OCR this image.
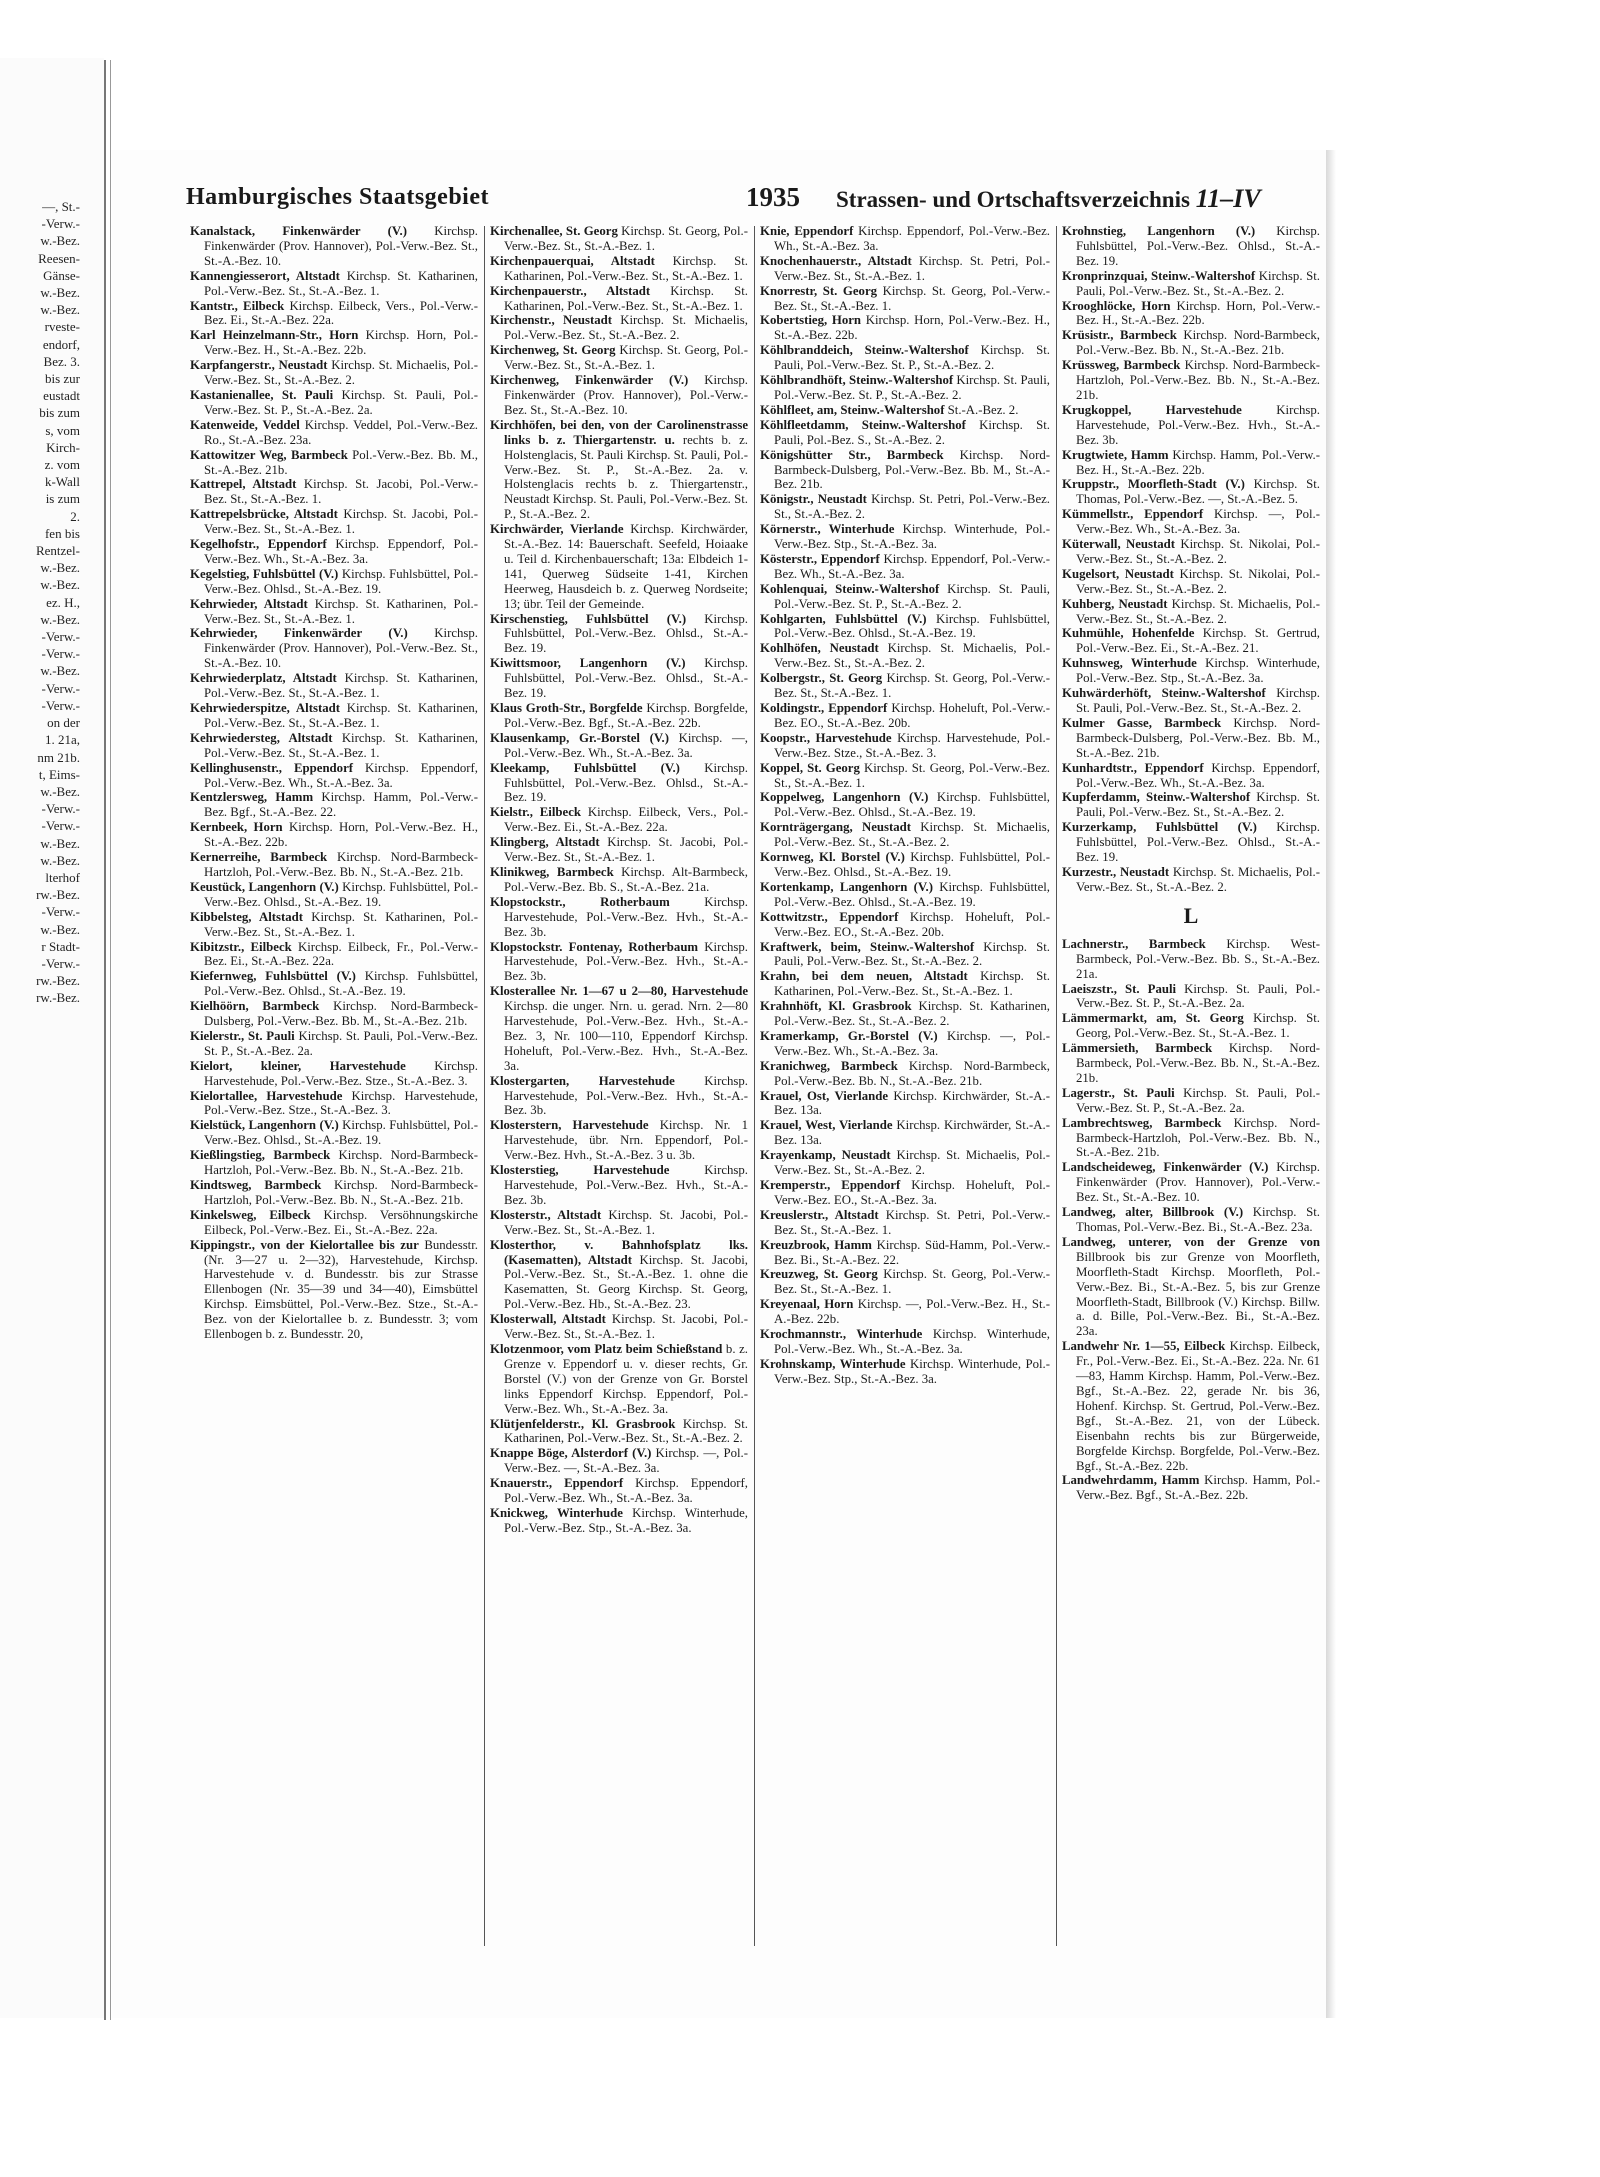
—, St.-
-Verw.-
w.-Bez.
Reesen-
Gänse-
w.-Bez.
w.-Bez.
rveste-
endorf,
Bez. 3.
bis zur
eustadt
bis zum
s, vom
Kirch-
z. vom
k-Wall
is zum
2.
fen bis
Rentzel-
w.-Bez.
w.-Bez.
ez. H.,
w.-Bez.
-Verw.-
-Verw.-
w.-Bez.
-Verw.-
-Verw.-
on der
1. 21a,
nm 21b.
t, Eims-
w.-Bez.
-Verw.-
-Verw.-
w.-Bez.
w.-Bez.
lterhof
rw.-Bez.
-Verw.-
w.-Bez.
r Stadt-
-Verw.-
rw.-Bez.
rw.-Bez.
Hamburgisches Staatsgebiet	1935 Strassen- und Ortschaftsverzeichnis 11–IV

Kanalstack, Finkenwärder (V.) Kirchsp. Finkenwärder (Prov. Hannover), Pol.-Verw.-Bez. St., St.-A.-Bez. 10.

Kannengiesserort, Altstadt Kirchsp. St. Katharinen, Pol.-Verw.-Bez. St., St.-A.-Bez. 1.

Kantstr., Eilbeck Kirchsp. Eilbeck, Vers., Pol.-Verw.-Bez. Ei., St.-A.-Bez. 22a.

Karl Heinzelmann-Str., Horn Kirchsp. Horn, Pol.-Verw.-Bez. H., St.-A.-Bez. 22b.

Karpfangerstr., Neustadt Kirchsp. St. Michaelis, Pol.-Verw.-Bez. St., St.-A.-Bez. 2.

Kastanienallee, St. Pauli Kirchsp. St. Pauli, Pol.-Verw.-Bez. St. P., St.-A.-Bez. 2a.

Katenweide, Veddel Kirchsp. Veddel, Pol.-Verw.-Bez. Ro., St.-A.-Bez. 23a.

Kattowitzer Weg, Barmbeck Pol.-Verw.-Bez. Bb. M., St.-A.-Bez. 21b.

Kattrepel, Altstadt Kirchsp. St. Jacobi, Pol.-Verw.-Bez. St., St.-A.-Bez. 1.

Kattrepelsbrücke, Altstadt Kirchsp. St. Jacobi, Pol.-Verw.-Bez. St., St.-A.-Bez. 1.

Kegelhofstr., Eppendorf Kirchsp. Eppendorf, Pol.-Verw.-Bez. Wh., St.-A.-Bez. 3a.

Kegelstieg, Fuhlsbüttel (V.) Kirchsp. Fuhlsbüttel, Pol.-Verw.-Bez. Ohlsd., St.-A.-Bez. 19.

Kehrwieder, Altstadt Kirchsp. St. Katharinen, Pol.-Verw.-Bez. St., St.-A.-Bez. 1.

Kehrwieder, Finkenwärder (V.) Kirchsp. Finkenwärder (Prov. Hannover), Pol.-Verw.-Bez. St., St.-A.-Bez. 10.

Kehrwiederplatz, Altstadt Kirchsp. St. Katharinen, Pol.-Verw.-Bez. St., St.-A.-Bez. 1.

Kehrwiederspitze, Altstadt Kirchsp. St. Katharinen, Pol.-Verw.-Bez. St., St.-A.-Bez. 1.

Kehrwiedersteg, Altstadt Kirchsp. St. Katharinen, Pol.-Verw.-Bez. St., St.-A.-Bez. 1.

Kellinghusenstr., Eppendorf Kirchsp. Eppendorf, Pol.-Verw.-Bez. Wh., St.-A.-Bez. 3a.

Kentzlersweg, Hamm Kirchsp. Hamm, Pol.-Verw.-Bez. Bgf., St.-A.-Bez. 22.

Kernbeek, Horn Kirchsp. Horn, Pol.-Verw.-Bez. H., St.-A.-Bez. 22b.

Kernerreihe, Barmbeck Kirchsp. Nord-Barmbeck-Hartzloh, Pol.-Verw.-Bez. Bb. N., St.-A.-Bez. 21b.

Keustück, Langenhorn (V.) Kirchsp. Fuhlsbüttel, Pol.-Verw.-Bez. Ohlsd., St.-A.-Bez. 19.

Kibbelsteg, Altstadt Kirchsp. St. Katharinen, Pol.-Verw.-Bez. St., St.-A.-Bez. 1.

Kibitzstr., Eilbeck Kirchsp. Eilbeck, Fr., Pol.-Verw.-Bez. Ei., St.-A.-Bez. 22a.

Kiefernweg, Fuhlsbüttel (V.) Kirchsp. Fuhlsbüttel, Pol.-Verw.-Bez. Ohlsd., St.-A.-Bez. 19.

Kielhöörn, Barmbeck Kirchsp. Nord-Barmbeck-Dulsberg, Pol.-Verw.-Bez. Bb. M., St.-A.-Bez. 21b.

Kielerstr., St. Pauli Kirchsp. St. Pauli, Pol.-Verw.-Bez. St. P., St.-A.-Bez. 2a.

Kielort, kleiner, Harvestehude Kirchsp. Harvestehude, Pol.-Verw.-Bez. Stze., St.-A.-Bez. 3.

Kielortallee, Harvestehude Kirchsp. Harvestehude, Pol.-Verw.-Bez. Stze., St.-A.-Bez. 3.

Kielstück, Langenhorn (V.) Kirchsp. Fuhlsbüttel, Pol.-Verw.-Bez. Ohlsd., St.-A.-Bez. 19.

Kießlingstieg, Barmbeck Kirchsp. Nord-Barmbeck-Hartzloh, Pol.-Verw.-Bez. Bb. N., St.-A.-Bez. 21b.

Kindtsweg, Barmbeck Kirchsp. Nord-Barmbeck-Hartzloh, Pol.-Verw.-Bez. Bb. N., St.-A.-Bez. 21b.

Kinkelsweg, Eilbeck Kirchsp. Versöhnungskirche Eilbeck, Pol.-Verw.-Bez. Ei., St.-A.-Bez. 22a.

Kippingstr., von der Kielortallee bis zur Bundesstr. (Nr. 3—27 u. 2—32), Harvestehude, Kirchsp. Harvestehude v. d. Bundesstr. bis zur Strasse Ellenbogen (Nr. 35—39 und 34—40), Eimsbüttel Kirchsp. Eimsbüttel, Pol.-Verw.-Bez. Stze., St.-A.-Bez. von der Kielortallee b. z. Bundesstr. 3; vom Ellenbogen b. z. Bundesstr. 20,

Kirchenallee, St. Georg Kirchsp. St. Georg, Pol.-Verw.-Bez. St., St.-A.-Bez. 1.

Kirchenpauerquai, Altstadt Kirchsp. St. Katharinen, Pol.-Verw.-Bez. St., St.-A.-Bez. 1.

Kirchenpauerstr., Altstadt Kirchsp. St. Katharinen, Pol.-Verw.-Bez. St., St.-A.-Bez. 1.

Kirchenstr., Neustadt Kirchsp. St. Michaelis, Pol.-Verw.-Bez. St., St.-A.-Bez. 2.

Kirchenweg, St. Georg Kirchsp. St. Georg, Pol.-Verw.-Bez. St., St.-A.-Bez. 1.

Kirchenweg, Finkenwärder (V.) Kirchsp. Finkenwärder (Prov. Hannover), Pol.-Verw.-Bez. St., St.-A.-Bez. 10.

Kirchhöfen, bei den, von der Carolinenstrasse links b. z. Thiergartenstr. u. rechts b. z. Holstenglacis, St. Pauli Kirchsp. St. Pauli, Pol.-Verw.-Bez. St. P., St.-A.-Bez. 2a. v. Holstenglacis rechts b. z. Thiergartenstr., Neustadt Kirchsp. St. Pauli, Pol.-Verw.-Bez. St. P., St.-A.-Bez. 2.

Kirchwärder, Vierlande Kirchsp. Kirchwärder, St.-A.-Bez. 14: Bauerschaft. Seefeld, Hoiaake u. Teil d. Kirchenbauerschaft; 13a: Elbdeich 1-141, Querweg Südseite 1-41, Kirchen Heerweg, Hausdeich b. z. Querweg Nordseite; 13; übr. Teil der Gemeinde.

Kirschenstieg, Fuhlsbüttel (V.) Kirchsp. Fuhlsbüttel, Pol.-Verw.-Bez. Ohlsd., St.-A.-Bez. 19.

Kiwittsmoor, Langenhorn (V.) Kirchsp. Fuhlsbüttel, Pol.-Verw.-Bez. Ohlsd., St.-A.-Bez. 19.

Klaus Groth-Str., Borgfelde Kirchsp. Borgfelde, Pol.-Verw.-Bez. Bgf., St.-A.-Bez. 22b.

Klausenkamp, Gr.-Borstel (V.) Kirchsp. —, Pol.-Verw.-Bez. Wh., St.-A.-Bez. 3a.

Kleekamp, Fuhlsbüttel (V.) Kirchsp. Fuhlsbüttel, Pol.-Verw.-Bez. Ohlsd., St.-A.-Bez. 19.

Kielstr., Eilbeck Kirchsp. Eilbeck, Vers., Pol.-Verw.-Bez. Ei., St.-A.-Bez. 22a.

Klingberg, Altstadt Kirchsp. St. Jacobi, Pol.-Verw.-Bez. St., St.-A.-Bez. 1.

Klinikweg, Barmbeck Kirchsp. Alt-Barmbeck, Pol.-Verw.-Bez. Bb. S., St.-A.-Bez. 21a.

Klopstockstr., Rotherbaum Kirchsp. Harvestehude, Pol.-Verw.-Bez. Hvh., St.-A.-Bez. 3b.

Klopstockstr. Fontenay, Rotherbaum Kirchsp. Harvestehude, Pol.-Verw.-Bez. Hvh., St.-A.-Bez. 3b.

Klosterallee Nr. 1—67 u 2—80, Harvestehude Kirchsp. die unger. Nrn. u. gerad. Nrn. 2—80 Harvestehude, Pol.-Verw.-Bez. Hvh., St.-A.-Bez. 3, Nr. 100—110, Eppendorf Kirchsp. Hoheluft, Pol.-Verw.-Bez. Hvh., St.-A.-Bez. 3a.

Klostergarten, Harvestehude Kirchsp. Harvestehude, Pol.-Verw.-Bez. Hvh., St.-A.-Bez. 3b.

Klosterstern, Harvestehude Kirchsp. Nr. 1 Harvestehude, übr. Nrn. Eppendorf, Pol.-Verw.-Bez. Hvh., St.-A.-Bez. 3 u. 3b.

Klosterstieg, Harvestehude Kirchsp. Harvestehude, Pol.-Verw.-Bez. Hvh., St.-A.-Bez. 3b.

Klosterstr., Altstadt Kirchsp. St. Jacobi, Pol.-Verw.-Bez. St., St.-A.-Bez. 1.

Klosterthor, v. Bahnhofsplatz lks. (Kasematten), Altstadt Kirchsp. St. Jacobi, Pol.-Verw.-Bez. St., St.-A.-Bez. 1. ohne die Kasematten, St. Georg Kirchsp. St. Georg, Pol.-Verw.-Bez. Hb., St.-A.-Bez. 23.

Klosterwall, Altstadt Kirchsp. St. Jacobi, Pol.-Verw.-Bez. St., St.-A.-Bez. 1.

Klotzenmoor, vom Platz beim Schießstand b. z. Grenze v. Eppendorf u. v. dieser rechts, Gr. Borstel (V.) von der Grenze von Gr. Borstel links Eppendorf Kirchsp. Eppendorf, Pol.-Verw.-Bez. Wh., St.-A.-Bez. 3a.

Klütjenfelderstr., Kl. Grasbrook Kirchsp. St. Katharinen, Pol.-Verw.-Bez. St., St.-A.-Bez. 2.

Knappe Böge, Alsterdorf (V.) Kirchsp. —, Pol.-Verw.-Bez. —, St.-A.-Bez. 3a.

Knauerstr., Eppendorf Kirchsp. Eppendorf, Pol.-Verw.-Bez. Wh., St.-A.-Bez. 3a.

Knickweg, Winterhude Kirchsp. Winterhude, Pol.-Verw.-Bez. Stp., St.-A.-Bez. 3a.

Knie, Eppendorf Kirchsp. Eppendorf, Pol.-Verw.-Bez. Wh., St.-A.-Bez. 3a.

Knochenhauerstr., Altstadt Kirchsp. St. Petri, Pol.-Verw.-Bez. St., St.-A.-Bez. 1.

Knorrestr, St. Georg Kirchsp. St. Georg, Pol.-Verw.-Bez. St., St.-A.-Bez. 1.

Kobertstieg, Horn Kirchsp. Horn, Pol.-Verw.-Bez. H., St.-A.-Bez. 22b.

Köhlbranddeich, Steinw.-Waltershof Kirchsp. St. Pauli, Pol.-Verw.-Bez. St. P., St.-A.-Bez. 2.

Köhlbrandhöft, Steinw.-Waltershof Kirchsp. St. Pauli, Pol.-Verw.-Bez. St. P., St.-A.-Bez. 2.

Köhlfleet, am, Steinw.-Waltershof St.-A.-Bez. 2.

Köhlfleetdamm, Steinw.-Waltershof Kirchsp. St. Pauli, Pol.-Bez. S., St.-A.-Bez. 2.

Königshütter Str., Barmbeck Kirchsp. Nord-Barmbeck-Dulsberg, Pol.-Verw.-Bez. Bb. M., St.-A.-Bez. 21b.

Königstr., Neustadt Kirchsp. St. Petri, Pol.-Verw.-Bez. St., St.-A.-Bez. 2.

Körnerstr., Winterhude Kirchsp. Winterhude, Pol.-Verw.-Bez. Stp., St.-A.-Bez. 3a.

Kösterstr., Eppendorf Kirchsp. Eppendorf, Pol.-Verw.-Bez. Wh., St.-A.-Bez. 3a.

Kohlenquai, Steinw.-Waltershof Kirchsp. St. Pauli, Pol.-Verw.-Bez. St. P., St.-A.-Bez. 2.

Kohlgarten, Fuhlsbüttel (V.) Kirchsp. Fuhlsbüttel, Pol.-Verw.-Bez. Ohlsd., St.-A.-Bez. 19.

Kohlhöfen, Neustadt Kirchsp. St. Michaelis, Pol.-Verw.-Bez. St., St.-A.-Bez. 2.

Kolbergstr., St. Georg Kirchsp. St. Georg, Pol.-Verw.-Bez. St., St.-A.-Bez. 1.

Koldingstr., Eppendorf Kirchsp. Hoheluft, Pol.-Verw.-Bez. EO., St.-A.-Bez. 20b.

Koopstr., Harvestehude Kirchsp. Harvestehude, Pol.-Verw.-Bez. Stze., St.-A.-Bez. 3.

Koppel, St. Georg Kirchsp. St. Georg, Pol.-Verw.-Bez. St., St.-A.-Bez. 1.

Koppelweg, Langenhorn (V.) Kirchsp. Fuhlsbüttel, Pol.-Verw.-Bez. Ohlsd., St.-A.-Bez. 19.

Kornträgergang, Neustadt Kirchsp. St. Michaelis, Pol.-Verw.-Bez. St., St.-A.-Bez. 2.

Kornweg, Kl. Borstel (V.) Kirchsp. Fuhlsbüttel, Pol.-Verw.-Bez. Ohlsd., St.-A.-Bez. 19.

Kortenkamp, Langenhorn (V.) Kirchsp. Fuhlsbüttel, Pol.-Verw.-Bez. Ohlsd., St.-A.-Bez. 19.

Kottwitzstr., Eppendorf Kirchsp. Hoheluft, Pol.-Verw.-Bez. EO., St.-A.-Bez. 20b.

Kraftwerk, beim, Steinw.-Waltershof Kirchsp. St. Pauli, Pol.-Verw.-Bez. St., St.-A.-Bez. 2.

Krahn, bei dem neuen, Altstadt Kirchsp. St. Katharinen, Pol.-Verw.-Bez. St., St.-A.-Bez. 1.

Krahnhöft, Kl. Grasbrook Kirchsp. St. Katharinen, Pol.-Verw.-Bez. St., St.-A.-Bez. 2.

Kramerkamp, Gr.-Borstel (V.) Kirchsp. —, Pol.-Verw.-Bez. Wh., St.-A.-Bez. 3a.

Kranichweg, Barmbeck Kirchsp. Nord-Barmbeck, Pol.-Verw.-Bez. Bb. N., St.-A.-Bez. 21b.

Krauel, Ost, Vierlande Kirchsp. Kirchwärder, St.-A.-Bez. 13a.

Krauel, West, Vierlande Kirchsp. Kirchwärder, St.-A.-Bez. 13a.

Krayenkamp, Neustadt Kirchsp. St. Michaelis, Pol.-Verw.-Bez. St., St.-A.-Bez. 2.

Kremperstr., Eppendorf Kirchsp. Hoheluft, Pol.-Verw.-Bez. EO., St.-A.-Bez. 3a.

Kreuslerstr., Altstadt Kirchsp. St. Petri, Pol.-Verw.-Bez. St., St.-A.-Bez. 1.

Kreuzbrook, Hamm Kirchsp. Süd-Hamm, Pol.-Verw.-Bez. Bi., St.-A.-Bez. 22.

Kreuzweg, St. Georg Kirchsp. St. Georg, Pol.-Verw.-Bez. St., St.-A.-Bez. 1.

Kreyenaal, Horn Kirchsp. —, Pol.-Verw.-Bez. H., St.-A.-Bez. 22b.

Krochmannstr., Winterhude Kirchsp. Winterhude, Pol.-Verw.-Bez. Wh., St.-A.-Bez. 3a.

Krohnskamp, Winterhude Kirchsp. Winterhude, Pol.-Verw.-Bez. Stp., St.-A.-Bez. 3a.

Krohnstieg, Langenhorn (V.) Kirchsp. Fuhlsbüttel, Pol.-Verw.-Bez. Ohlsd., St.-A.-Bez. 19.

Kronprinzquai, Steinw.-Waltershof Kirchsp. St. Pauli, Pol.-Verw.-Bez. St., St.-A.-Bez. 2.

Krooghlöcke, Horn Kirchsp. Horn, Pol.-Verw.-Bez. H., St.-A.-Bez. 22b.

Krüsistr., Barmbeck Kirchsp. Nord-Barmbeck, Pol.-Verw.-Bez. Bb. N., St.-A.-Bez. 21b.

Krüssweg, Barmbeck Kirchsp. Nord-Barmbeck-Hartzloh, Pol.-Verw.-Bez. Bb. N., St.-A.-Bez. 21b.

Krugkoppel, Harvestehude Kirchsp. Harvestehude, Pol.-Verw.-Bez. Hvh., St.-A.-Bez. 3b.

Krugtwiete, Hamm Kirchsp. Hamm, Pol.-Verw.-Bez. H., St.-A.-Bez. 22b.

Kruppstr., Moorfleth-Stadt (V.) Kirchsp. St. Thomas, Pol.-Verw.-Bez. —, St.-A.-Bez. 5.

Kümmellstr., Eppendorf Kirchsp. —, Pol.-Verw.-Bez. Wh., St.-A.-Bez. 3a.

Küterwall, Neustadt Kirchsp. St. Nikolai, Pol.-Verw.-Bez. St., St.-A.-Bez. 2.

Kugelsort, Neustadt Kirchsp. St. Nikolai, Pol.-Verw.-Bez. St., St.-A.-Bez. 2.

Kuhberg, Neustadt Kirchsp. St. Michaelis, Pol.-Verw.-Bez. St., St.-A.-Bez. 2.

Kuhmühle, Hohenfelde Kirchsp. St. Gertrud, Pol.-Verw.-Bez. Ei., St.-A.-Bez. 21.

Kuhnsweg, Winterhude Kirchsp. Winterhude, Pol.-Verw.-Bez. Stp., St.-A.-Bez. 3a.

Kuhwärderhöft, Steinw.-Waltershof Kirchsp. St. Pauli, Pol.-Verw.-Bez. St., St.-A.-Bez. 2.

Kulmer Gasse, Barmbeck Kirchsp. Nord-Barmbeck-Dulsberg, Pol.-Verw.-Bez. Bb. M., St.-A.-Bez. 21b.

Kunhardtstr., Eppendorf Kirchsp. Eppendorf, Pol.-Verw.-Bez. Wh., St.-A.-Bez. 3a.

Kupferdamm, Steinw.-Waltershof Kirchsp. St. Pauli, Pol.-Verw.-Bez. St., St.-A.-Bez. 2.

Kurzerkamp, Fuhlsbüttel (V.) Kirchsp. Fuhlsbüttel, Pol.-Verw.-Bez. Ohlsd., St.-A.-Bez. 19.

Kurzestr., Neustadt Kirchsp. St. Michaelis, Pol.-Verw.-Bez. St., St.-A.-Bez. 2.

L

Lachnerstr., Barmbeck Kirchsp. West-Barmbeck, Pol.-Verw.-Bez. Bb. S., St.-A.-Bez. 21a.

Laeiszstr., St. Pauli Kirchsp. St. Pauli, Pol.-Verw.-Bez. St. P., St.-A.-Bez. 2a.

Lämmermarkt, am, St. Georg Kirchsp. St. Georg, Pol.-Verw.-Bez. St., St.-A.-Bez. 1.

Lämmersieth, Barmbeck Kirchsp. Nord-Barmbeck, Pol.-Verw.-Bez. Bb. N., St.-A.-Bez. 21b.

Lagerstr., St. Pauli Kirchsp. St. Pauli, Pol.-Verw.-Bez. St. P., St.-A.-Bez. 2a.

Lambrechtsweg, Barmbeck Kirchsp. Nord-Barmbeck-Hartzloh, Pol.-Verw.-Bez. Bb. N., St.-A.-Bez. 21b.

Landscheideweg, Finkenwärder (V.) Kirchsp. Finkenwärder (Prov. Hannover), Pol.-Verw.-Bez. St., St.-A.-Bez. 10.

Landweg, alter, Billbrook (V.) Kirchsp. St. Thomas, Pol.-Verw.-Bez. Bi., St.-A.-Bez. 23a.

Landweg, unterer, von der Grenze von Billbrook bis zur Grenze von Moorfleth, Moorfleth-Stadt Kirchsp. Moorfleth, Pol.-Verw.-Bez. Bi., St.-A.-Bez. 5, bis zur Grenze Moorfleth-Stadt, Billbrook (V.) Kirchsp. Billw. a. d. Bille, Pol.-Verw.-Bez. Bi., St.-A.-Bez. 23a.

Landwehr Nr. 1—55, Eilbeck Kirchsp. Eilbeck, Fr., Pol.-Verw.-Bez. Ei., St.-A.-Bez. 22a. Nr. 61—83, Hamm Kirchsp. Hamm, Pol.-Verw.-Bez. Bgf., St.-A.-Bez. 22, gerade Nr. bis 36, Hohenf. Kirchsp. St. Gertrud, Pol.-Verw.-Bez. Bgf., St.-A.-Bez. 21, von der Lübeck. Eisenbahn rechts bis zur Bürgerweide, Borgfelde Kirchsp. Borgfelde, Pol.-Verw.-Bez. Bgf., St.-A.-Bez. 22b.

Landwehrdamm, Hamm Kirchsp. Hamm, Pol.-Verw.-Bez. Bgf., St.-A.-Bez. 22b.
